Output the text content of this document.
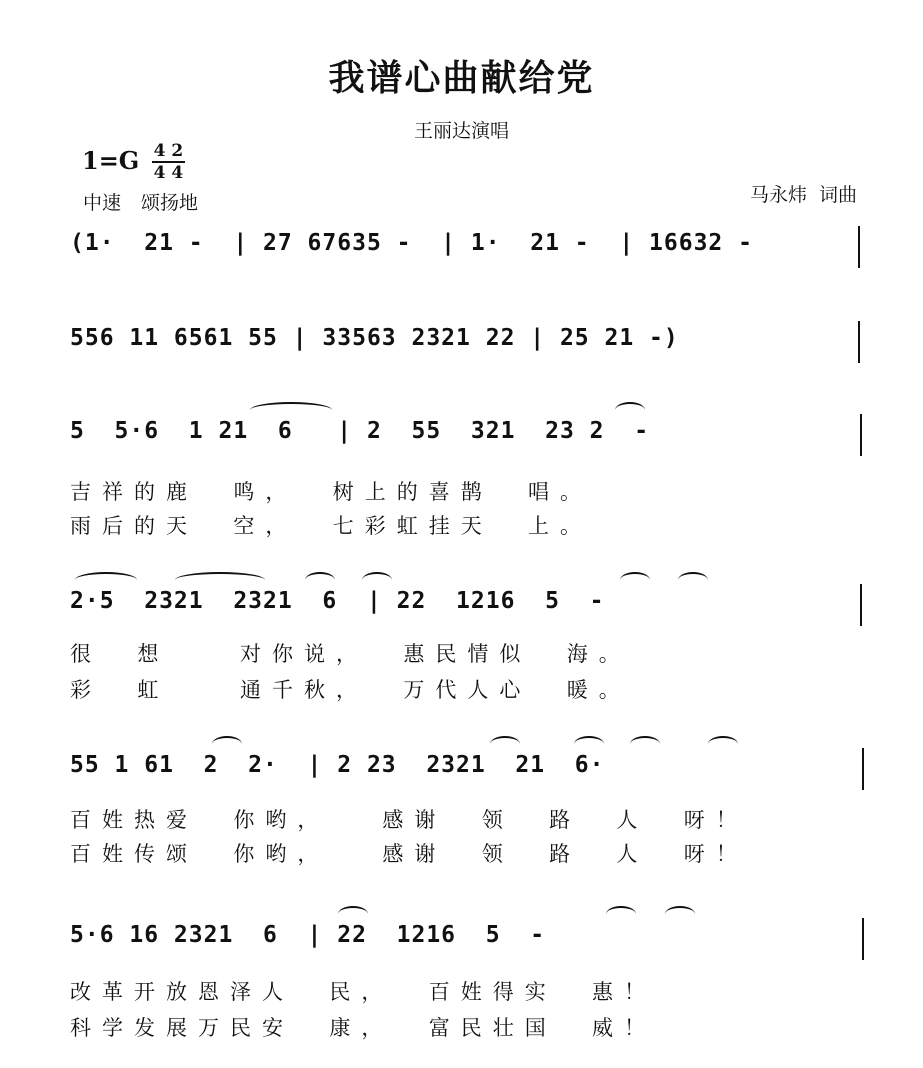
我谱心曲献给党
王丽达演唱
$1=G \frac{4 2}{4 4}$
中速 颂扬地	马永炜 词曲
(1·  21 -  | 27 67635 -  | 1·  21 -  | 16632 -
556 11 6561 55 | 33563 2321 22 | 25 21 -)
5  5·6  1 21  6   | 2  55  321  23 2  -
吉祥的鹿  鸣，  树上的喜鹊  唱。
雨后的天  空，  七彩虹挂天  上。
2·5  2321  2321  6  | 22  1216  5  -
很  想    对你说，  惠民情似  海。
彩  虹    通千秋，  万代人心  暖。
55 1 61  2  2·  | 2 23  2321  21  6·
百姓热爱  你哟，   感谢  领  路  人  呀！
百姓传颂  你哟，   感谢  领  路  人  呀！
5·6 16 2321  6  | 22  1216  5  -
改革开放恩泽人  民，  百姓得实  惠！
科学发展万民安  康，  富民壮国  威！
